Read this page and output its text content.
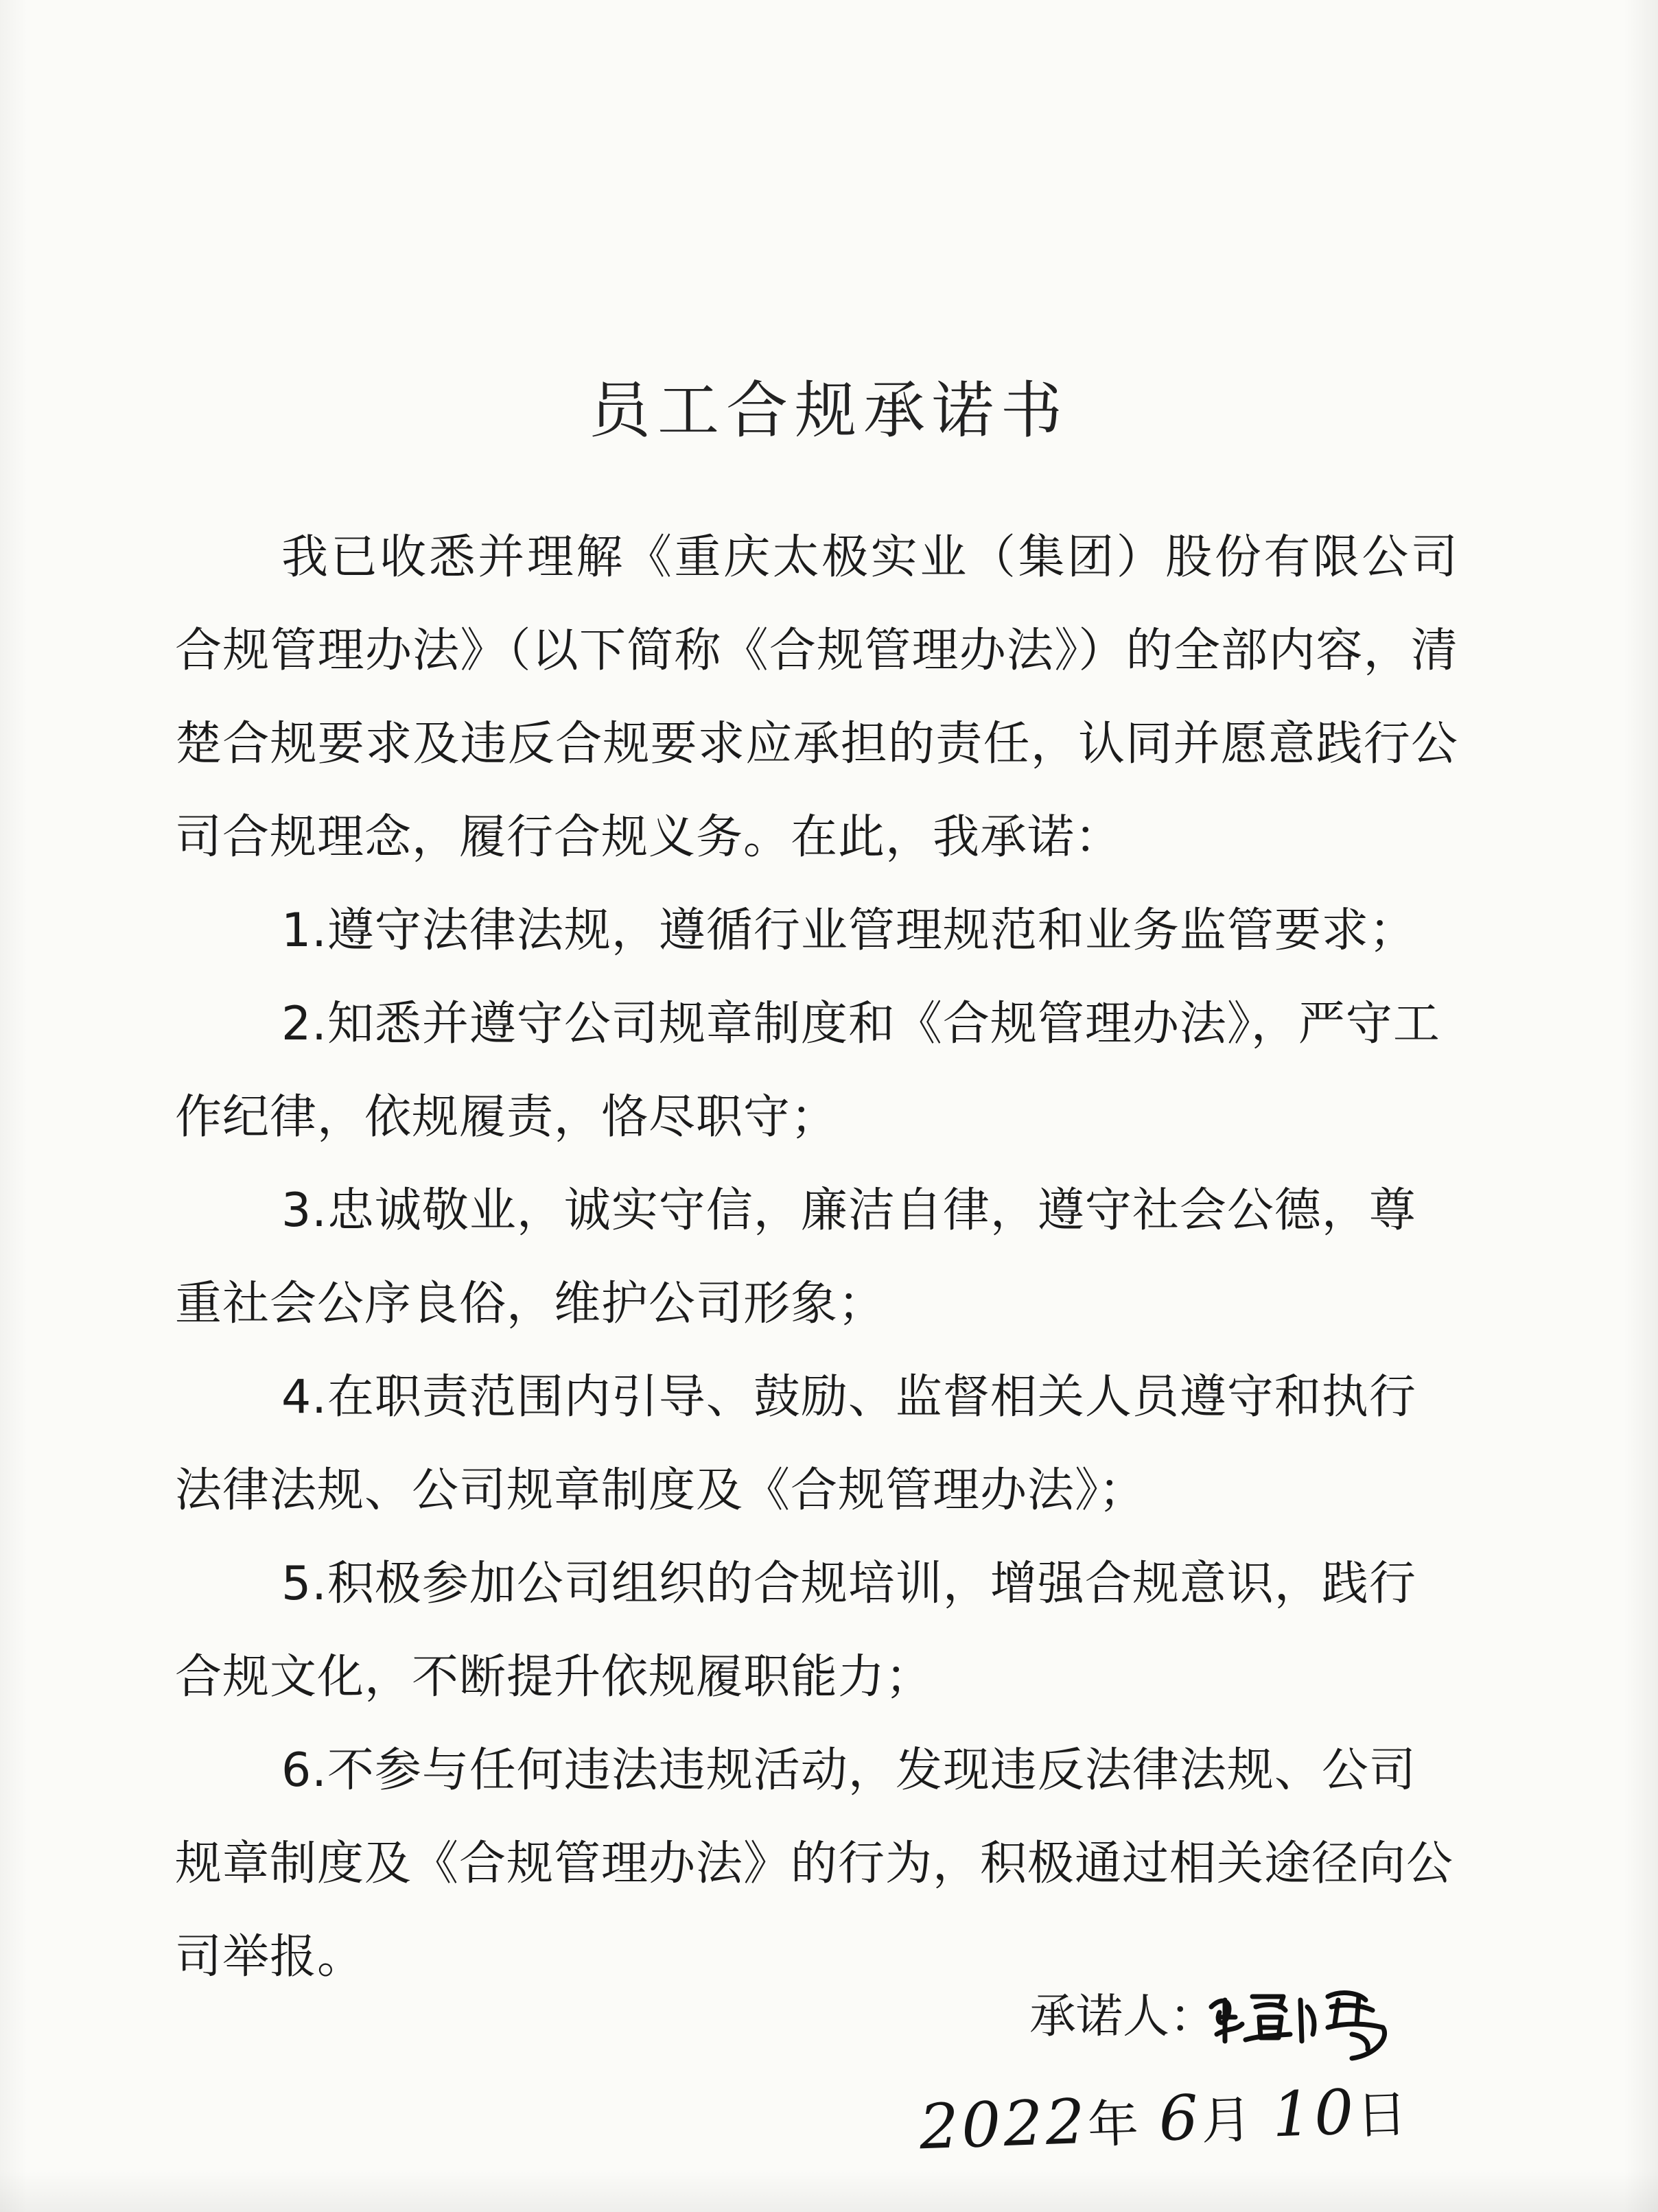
员工合规承诺书

我已收悉并理解《重庆太极实业（集团）股份有限公司合规管理办法》（以下简称《合规管理办法》）的全部内容，清楚合规要求及违反合规要求应承担的责任，认同并愿意践行公司合规理念，履行合规义务。在此，我承诺：

1.遵守法律法规，遵循行业管理规范和业务监管要求；

2.知悉并遵守公司规章制度和《合规管理办法》，严守工作纪律，依规履责，恪尽职守；

3.忠诚敬业，诚实守信，廉洁自律，遵守社会公德，尊重社会公序良俗，维护公司形象；

4.在职责范围内引导、鼓励、监督相关人员遵守和执行法律法规、公司规章制度及《合规管理办法》；

5.积极参加公司组织的合规培训，增强合规意识，践行合规文化，不断提升依规履职能力；

6.不参与任何违法违规活动，发现违反法律法规、公司规章制度及《合规管理办法》的行为，积极通过相关途径向公司举报。

承诺人：
钱丽明
2022年 6月 10日
